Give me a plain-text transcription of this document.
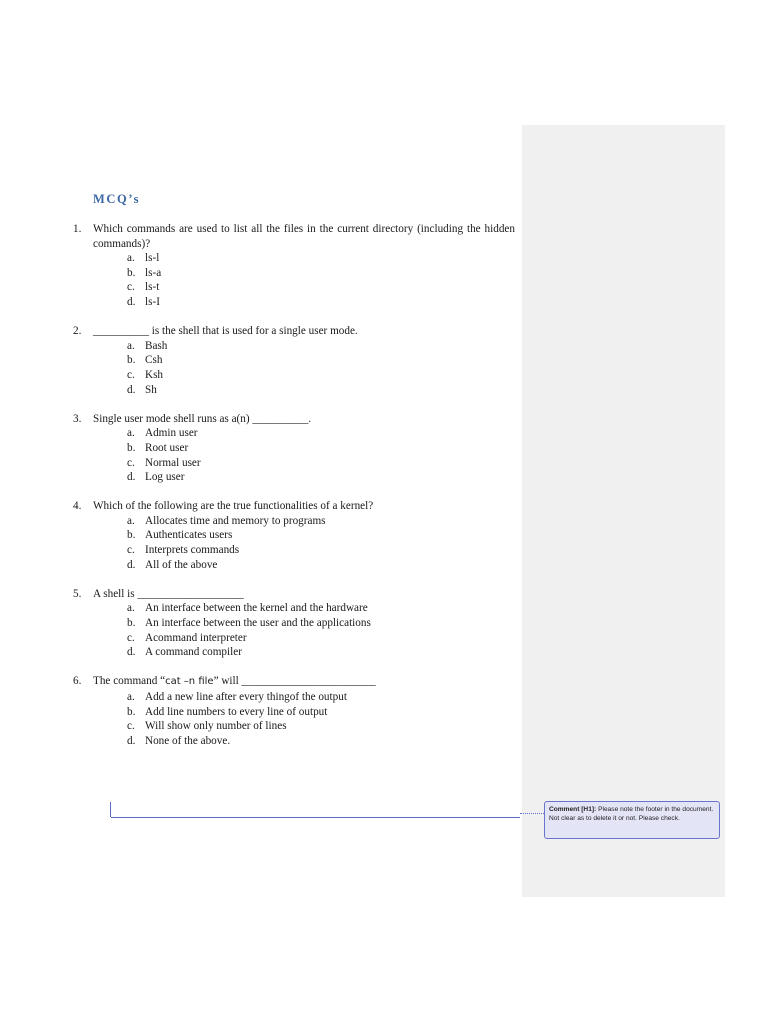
MCQ’s
1. Which commands are used to list all the files in the current directory (including the hidden commands)?
a. ls-l
b. ls-a
c. ls-t
d. ls-I
2. __________ is the shell that is used for a single user mode.
a. Bash
b. Csh
c. Ksh
d. Sh
3. Single user mode shell runs as a(n) __________.
a. Admin user
b. Root user
c. Normal user
d. Log user
4. Which of the following are the true functionalities of a kernel?
a. Allocates time and memory to programs
b. Authenticates users
c. Interprets commands
d. All of the above
5. A shell is ___________________
a. An interface between the kernel and the hardware
b. An interface between the user and the applications
c. Acommand interpreter
d. A command compiler
6. The command “cat –n file” will ________________________
a. Add a new line after every thingof the output
b. Add line numbers to every line of output
c. Will show only number of lines
d. None of the above.
Comment [H1]: Please note the footer in the document. Not clear as to delete it or not. Please check.
